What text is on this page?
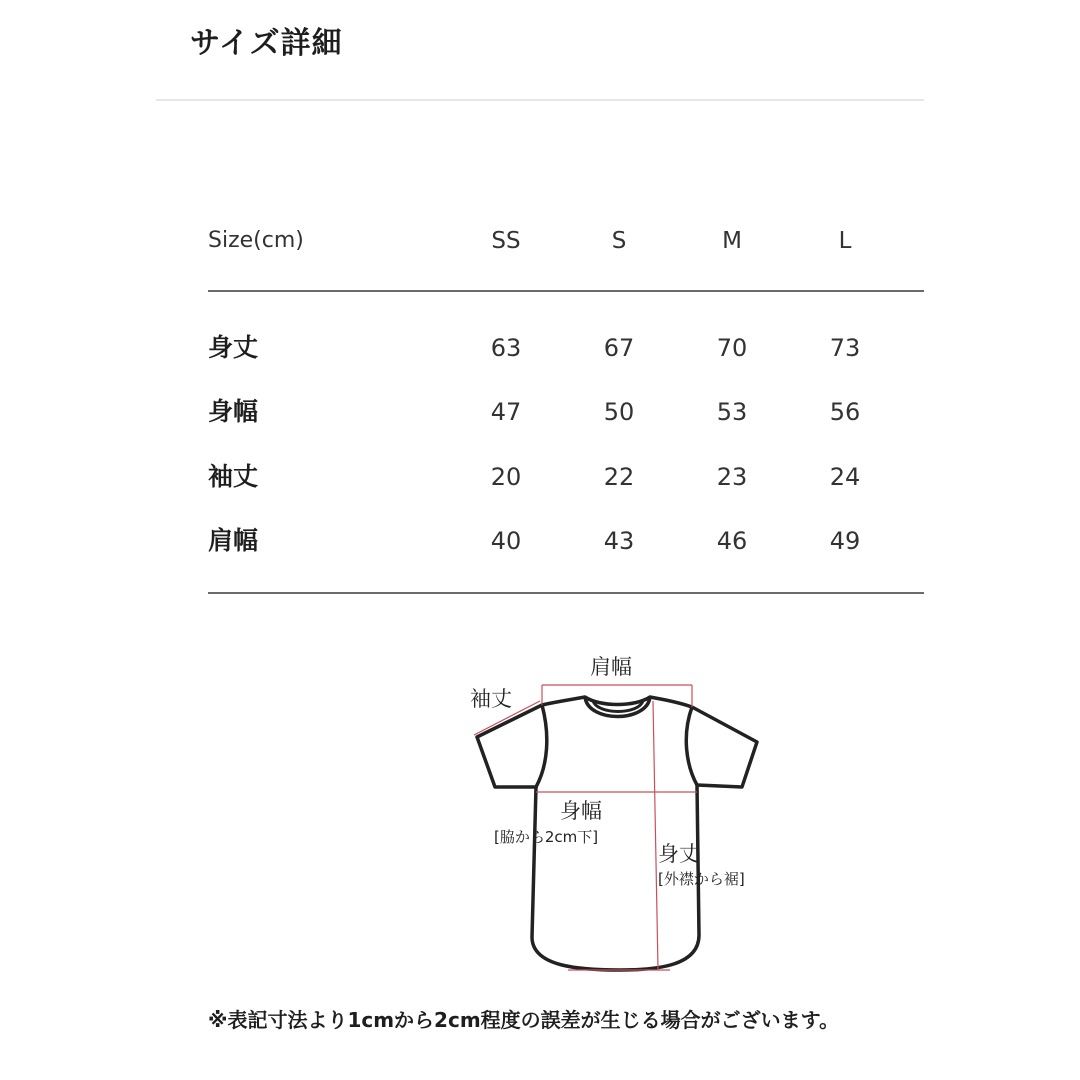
サイズ詳細
Size(cm)	SS	S	M	L
身丈	63	67	70	73
身幅	47	50	53	56
袖丈	20	22	23	24
肩幅	40	43	46	49
肩幅
袖丈
身幅
[脇から2cm下]
身丈
[外襟から裾]
※表記寸法より1cmから2cm程度の誤差が生じる場合がございます。
